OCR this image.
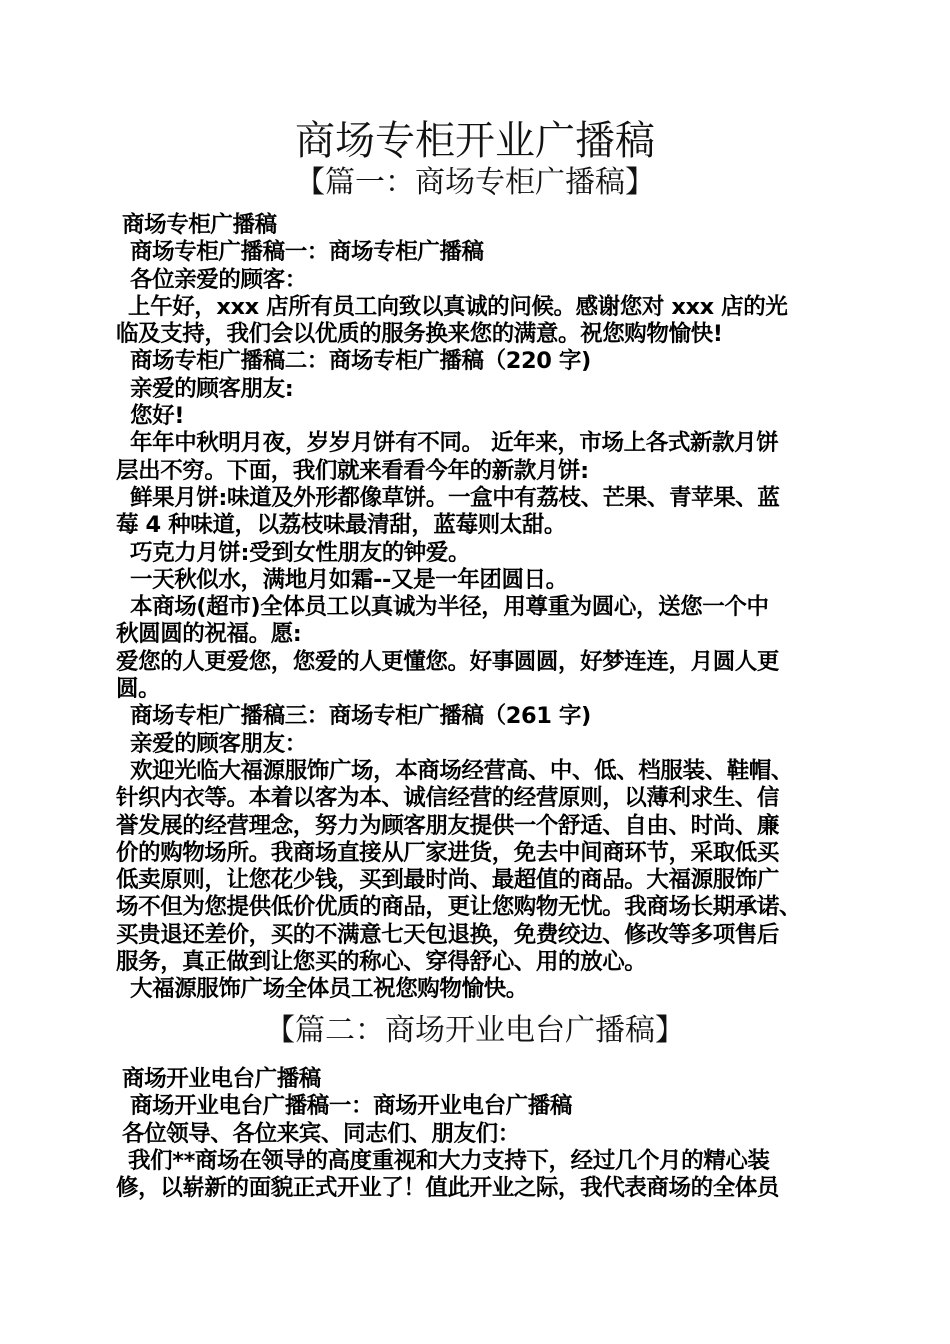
商场专柜开业广播稿
【篇一：商场专柜广播稿】
商场专柜广播稿
商场专柜广播稿一：商场专柜广播稿
各位亲爱的顾客：
上午好，xxx 店所有员工向致以真诚的问候。感谢您对 xxx 店的光
临及支持，我们会以优质的服务换来您的满意。祝您购物愉快!
商场专柜广播稿二：商场专柜广播稿（220 字)
亲爱的顾客朋友:
您好!
年年中秋明月夜，岁岁月饼有不同。 近年来，市场上各式新款月饼
层出不穷。下面，我们就来看看今年的新款月饼:
鲜果月饼:味道及外形都像草饼。一盒中有荔枝、芒果、青苹果、蓝
莓 4 种味道，以荔枝味最清甜，蓝莓则太甜。
巧克力月饼:受到女性朋友的钟爱。
一天秋似水，满地月如霜--又是一年团圆日。
本商场(超市)全体员工以真诚为半径，用尊重为圆心，送您一个中
秋圆圆的祝福。愿:
爱您的人更爱您，您爱的人更懂您。好事圆圆，好梦连连，月圆人更
圆。
商场专柜广播稿三：商场专柜广播稿（261 字)
亲爱的顾客朋友：
欢迎光临大福源服饰广场，本商场经营高、中、低、档服装、鞋帽、
针织内衣等。本着以客为本、诚信经营的经营原则，以薄利求生、信
誉发展的经营理念，努力为顾客朋友提供一个舒适、自由、时尚、廉
价的购物场所。我商场直接从厂家进货，免去中间商环节，采取低买
低卖原则，让您花少钱，买到最时尚、最超值的商品。大福源服饰广
场不但为您提供低价优质的商品，更让您购物无忧。我商场长期承诺、
买贵退还差价，买的不满意七天包退换，免费绞边、修改等多项售后
服务，真正做到让您买的称心、穿得舒心、用的放心。
大福源服饰广场全体员工祝您购物愉快。
【篇二：商场开业电台广播稿】
商场开业电台广播稿
商场开业电台广播稿一：商场开业电台广播稿
各位领导、各位来宾、同志们、朋友们：
我们**商场在领导的高度重视和大力支持下，经过几个月的精心装
修，以崭新的面貌正式开业了！值此开业之际，我代表商场的全体员
